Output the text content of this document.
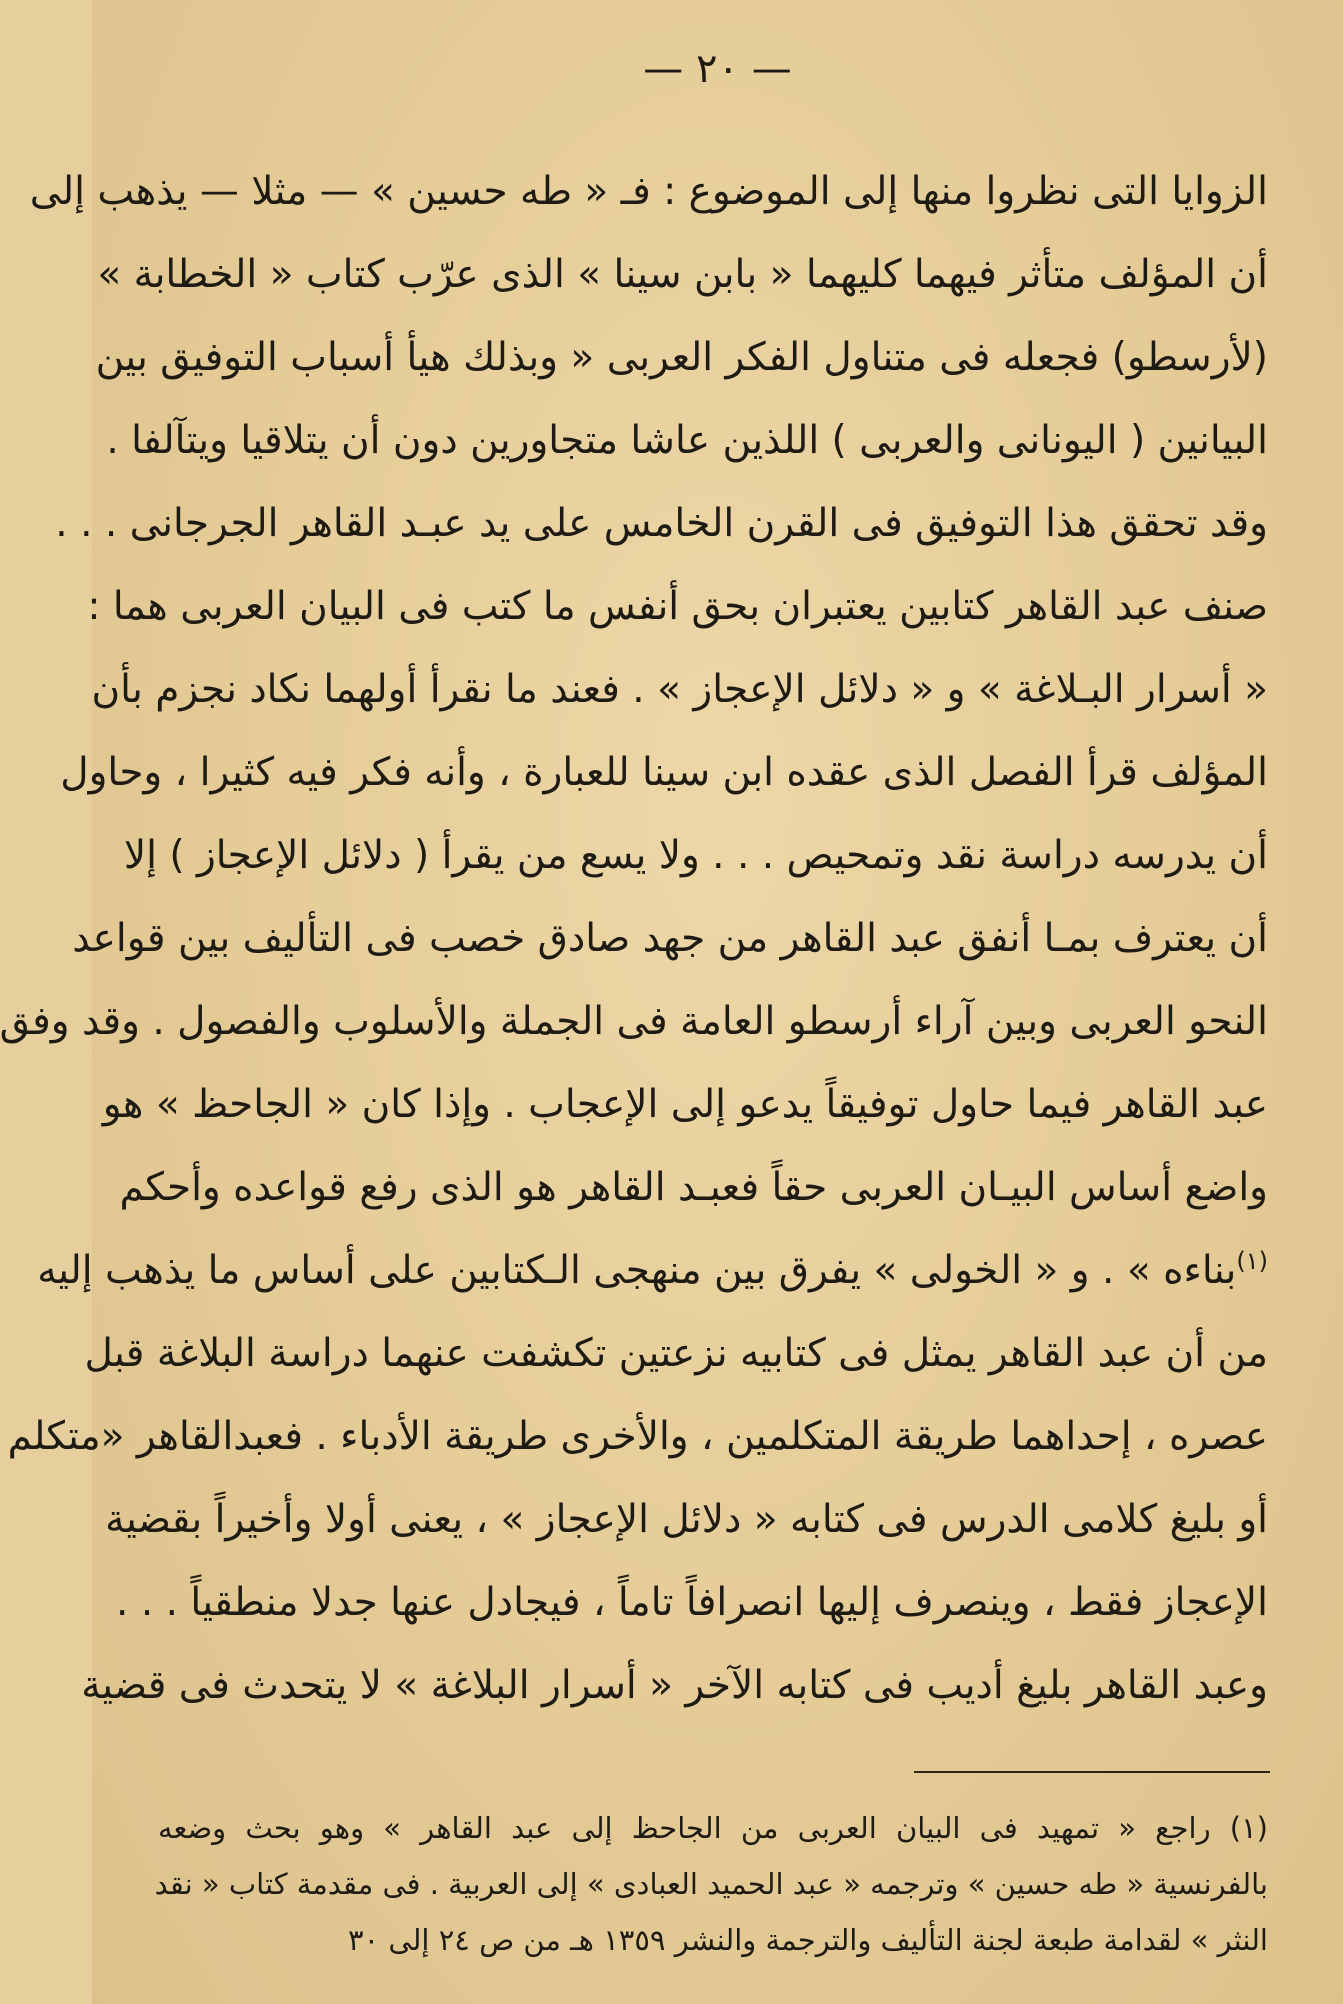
— ٢٠ —
الزوايا التى نظروا منها إلى الموضوع : فـ « طه حسين » — مثلا — يذهب إلى
أن المؤلف متأثر فيهما كليهما « بابن سينا » الذى عرّب كتاب « الخطابة »
(لأرسطو) فجعله فى متناول الفكر العربى « وبذلك هيأ أسباب التوفيق بين
البيانين ( اليونانى والعربى ) اللذين عاشا متجاورين دون أن يتلاقيا ويتآلفا .
وقد تحقق هذا التوفيق فى القرن الخامس على يد عبـد القاهر الجرجانى . . .
صنف عبد القاهر كتابين يعتبران بحق أنفس ما كتب فى البيان العربى هما :
« أسرار البـلاغة » و « دلائل الإعجاز » . فعند ما نقرأ أولهما نكاد نجزم بأن
المؤلف قرأ الفصل الذى عقده ابن سينا للعبارة ، وأنه فكر فيه كثيرا ، وحاول
أن يدرسه دراسة نقد وتمحيص . . . ولا يسع من يقرأ ( دلائل الإعجاز ) إلا
أن يعترف بمـا أنفق عبد القاهر من جهد صادق خصب فى التأليف بين قواعد
النحو العربى وبين آراء أرسطو العامة فى الجملة والأسلوب والفصول . وقد وفق
عبد القاهر فيما حاول توفيقاً يدعو إلى الإعجاب . وإذا كان « الجاحظ » هو
واضع أساس البيـان العربى حقاً فعبـد القاهر هو الذى رفع قواعده وأحكم
$^{(١)}$بناءه » . و « الخولى » يفرق بين منهجى الـكتابين على أساس ما يذهب إليه
من أن عبد القاهر يمثل فى كتابيه نزعتين تكشفت عنهما دراسة البلاغة قبل
عصره ، إحداهما طريقة المتكلمين ، والأخرى طريقة الأدباء . فعبدالقاهر «متكلم
أو بليغ كلامى الدرس فى كتابه « دلائل الإعجاز » ، يعنى أولا وأخيراً بقضية
الإعجاز فقط ، وينصرف إليها انصرافاً تاماً ، فيجادل عنها جدلا منطقياً . . .
وعبد القاهر بليغ أديب فى كتابه الآخر « أسرار البلاغة » لا يتحدث فى قضية
(١) راجع « تمهيد فى البيان العربى من الجاحظ إلى عبد القاهر » وهو بحث وضعه
بالفرنسية « طه حسين » وترجمه « عبد الحميد العبادى » إلى العربية . فى مقدمة كتاب « نقد
النثر » لقدامة طبعة لجنة التأليف والترجمة والنشر ١٣٥٩ هـ من ص ٢٤ إلى ٣٠
